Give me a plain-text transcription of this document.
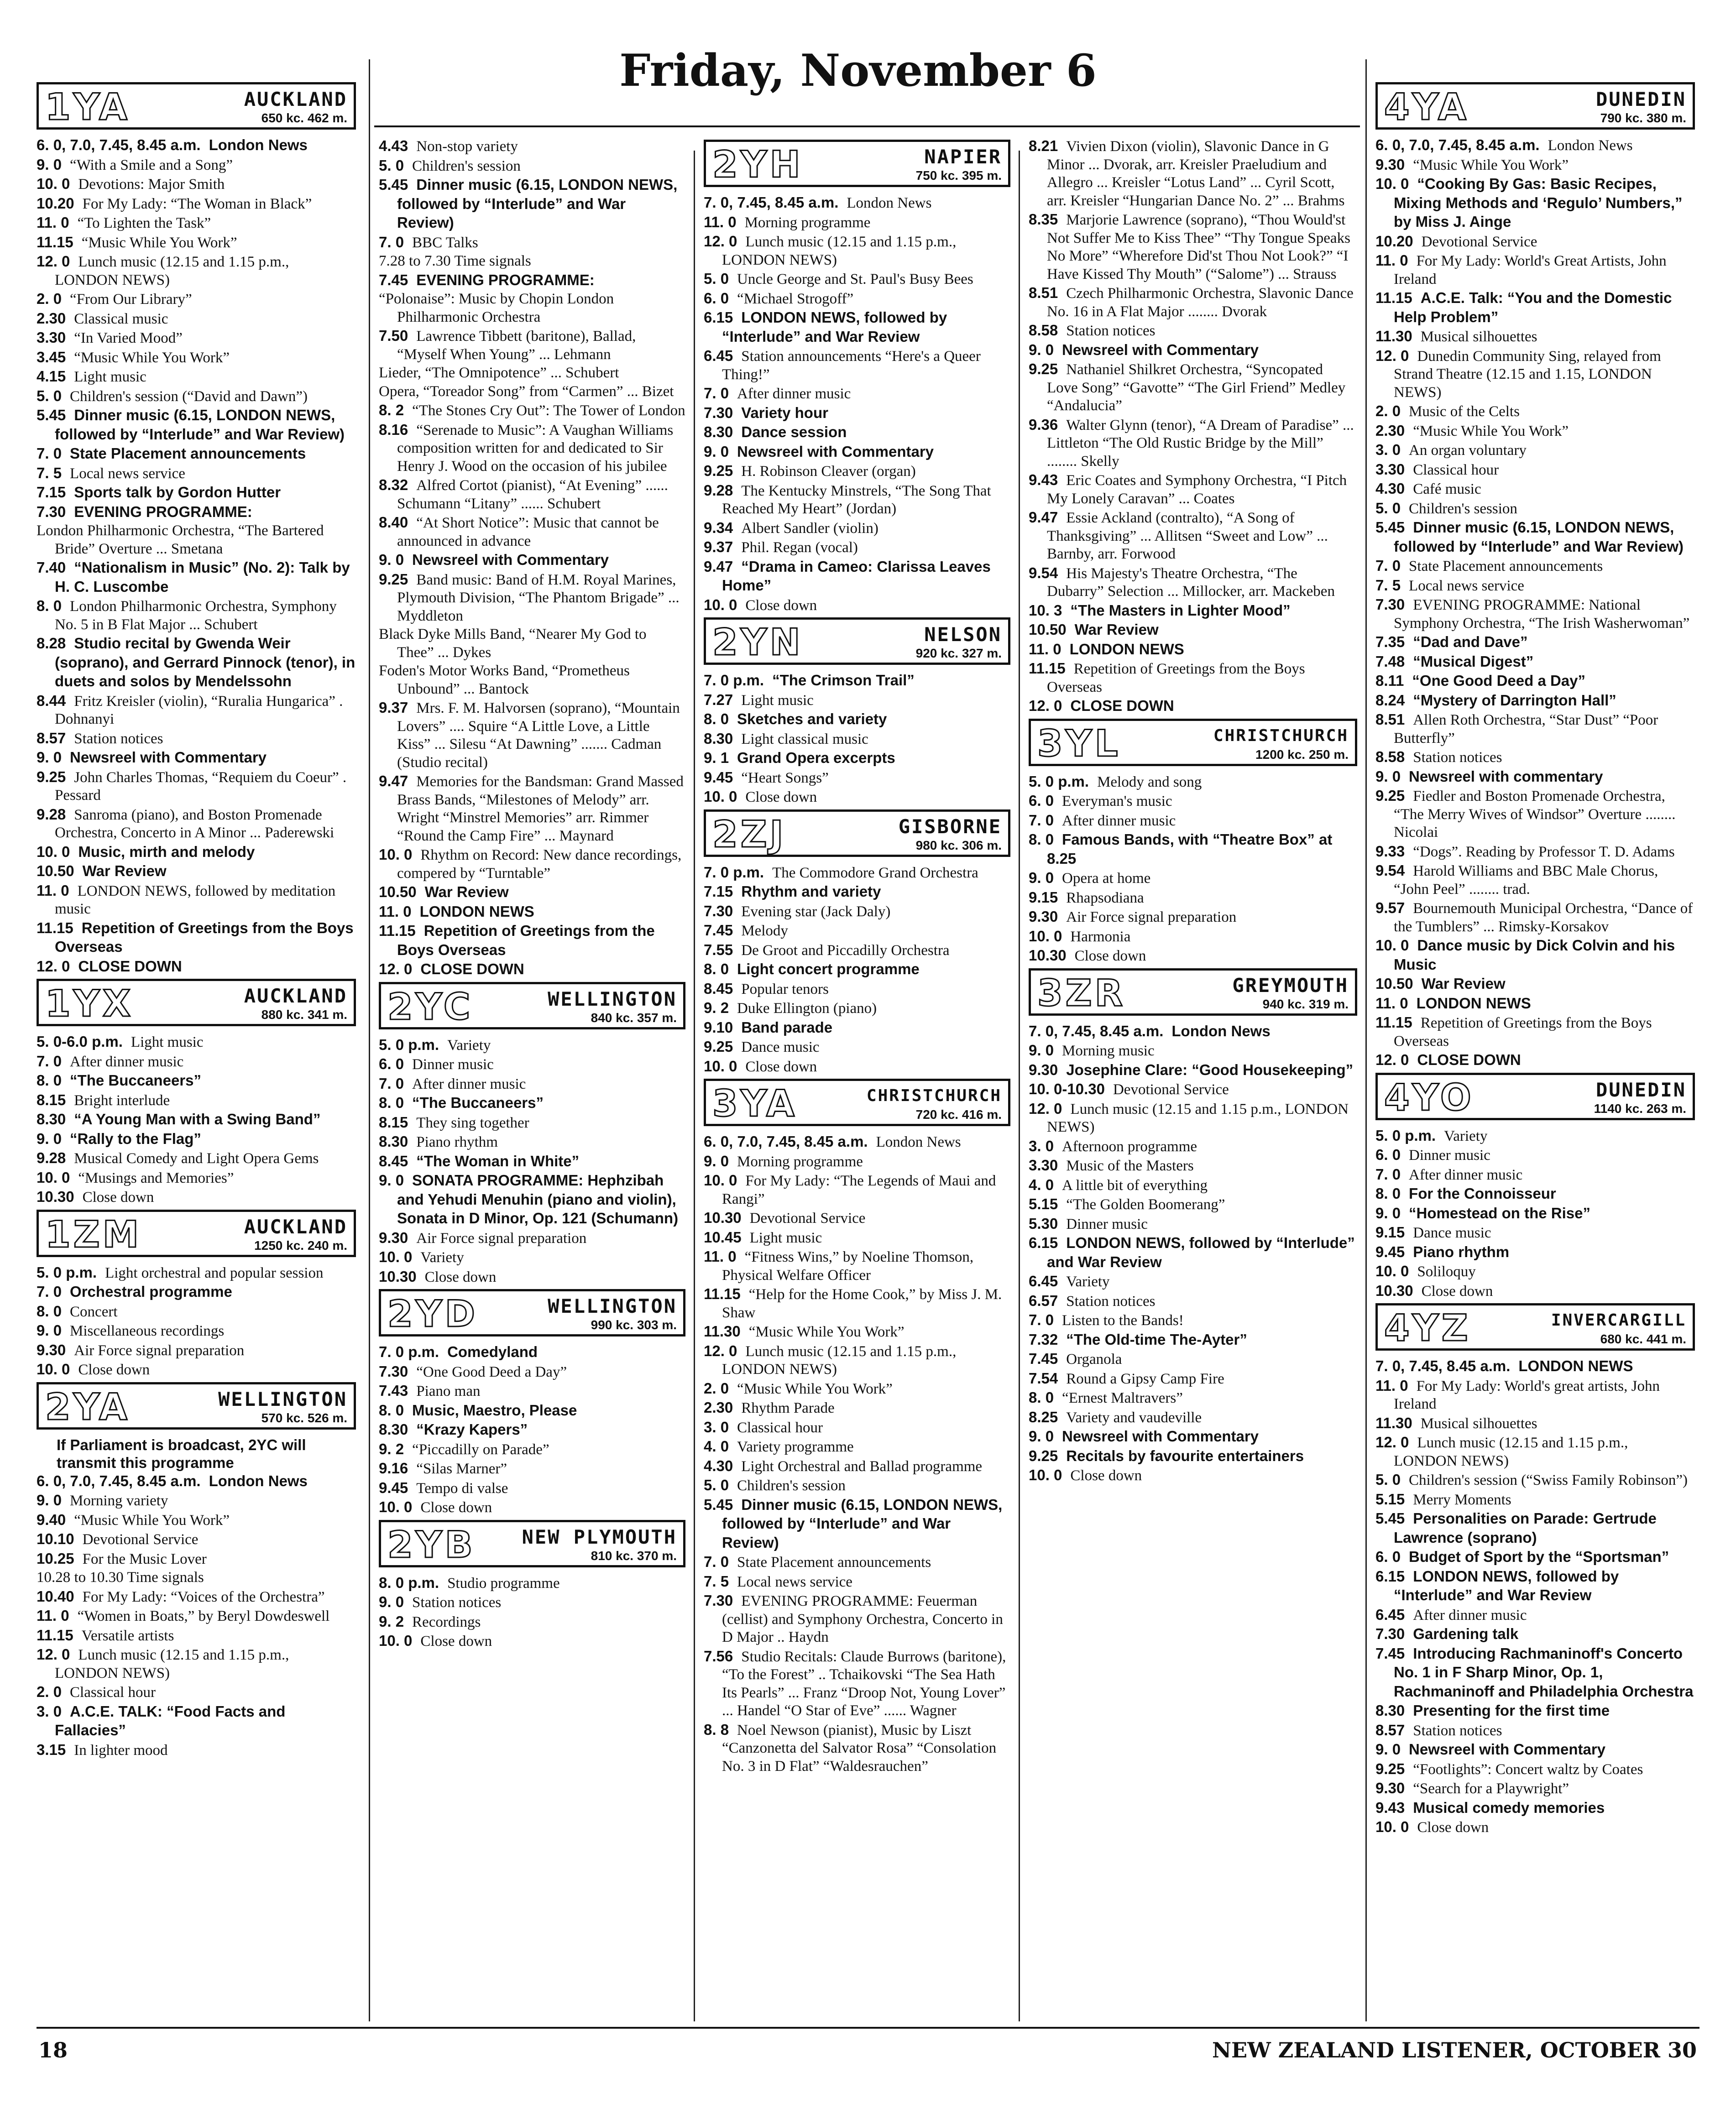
Friday, November 6
1YA	AUCKLAND
650 kc. 462 m.
6. 0, 7.0, 7.45, 8.45 a.m. London News
9. 0 “With a Smile and a Song”
10. 0 Devotions: Major Smith
10.20 For My Lady: “The Woman in Black”
11. 0 “To Lighten the Task”
11.15 “Music While You Work”
12. 0 Lunch music (12.15 and 1.15 p.m., LONDON NEWS)
2. 0 “From Our Library”
2.30 Classical music
3.30 “In Varied Mood”
3.45 “Music While You Work”
4.15 Light music
5. 0 Children's session (“David and Dawn”)
5.45 Dinner music (6.15, LONDON NEWS, followed by “Interlude” and War Review)
7. 0 State Placement announcements
7. 5 Local news service
7.15 Sports talk by Gordon Hutter
7.30 EVENING PROGRAMME:
London Philharmonic Orchestra, “The Bartered Bride” Overture ... Smetana
7.40 “Nationalism in Music” (No. 2): Talk by H. C. Luscombe
8. 0 London Philharmonic Orchestra, Symphony No. 5 in B Flat Major ... Schubert
8.28 Studio recital by Gwenda Weir (soprano), and Gerrard Pinnock (tenor), in duets and solos by Mendelssohn
8.44 Fritz Kreisler (violin), “Ruralia Hungarica” . Dohnanyi
8.57 Station notices
9. 0 Newsreel with Commentary
9.25 John Charles Thomas, “Requiem du Coeur” . Pessard
9.28 Sanroma (piano), and Boston Promenade Orchestra, Concerto in A Minor ... Paderewski
10. 0 Music, mirth and melody
10.50 War Review
11. 0 LONDON NEWS, followed by meditation music
11.15 Repetition of Greetings from the Boys Overseas
12. 0 CLOSE DOWN
1YX	AUCKLAND
880 kc. 341 m.
5. 0-6.0 p.m. Light music
7. 0 After dinner music
8. 0 “The Buccaneers”
8.15 Bright interlude
8.30 “A Young Man with a Swing Band”
9. 0 “Rally to the Flag”
9.28 Musical Comedy and Light Opera Gems
10. 0 “Musings and Memories”
10.30 Close down
1ZM	AUCKLAND
1250 kc. 240 m.
5. 0 p.m. Light orchestral and popular session
7. 0 Orchestral programme
8. 0 Concert
9. 0 Miscellaneous recordings
9.30 Air Force signal preparation
10. 0 Close down
2YA	WELLINGTON
570 kc. 526 m.
If Parliament is broadcast, 2YC will transmit this programme
6. 0, 7.0, 7.45, 8.45 a.m. London News
9. 0 Morning variety
9.40 “Music While You Work”
10.10 Devotional Service
10.25 For the Music Lover
10.28 to 10.30 Time signals
10.40 For My Lady: “Voices of the Orchestra”
11. 0 “Women in Boats,” by Beryl Dowdeswell
11.15 Versatile artists
12. 0 Lunch music (12.15 and 1.15 p.m., LONDON NEWS)
2. 0 Classical hour
3. 0 A.C.E. TALK: “Food Facts and Fallacies”
3.15 In lighter mood
4.43 Non-stop variety
5. 0 Children's session
5.45 Dinner music (6.15, LONDON NEWS, followed by “Interlude” and War Review)
7. 0 BBC Talks
7.28 to 7.30 Time signals
7.45 EVENING PROGRAMME:
“Polonaise”: Music by Chopin London Philharmonic Orchestra
7.50 Lawrence Tibbett (baritone), Ballad, “Myself When Young” ... Lehmann
Lieder, “The Omnipotence” ... Schubert
Opera, “Toreador Song” from “Carmen” ... Bizet
8. 2 “The Stones Cry Out”: The Tower of London
8.16 “Serenade to Music”: A Vaughan Williams composition written for and dedicated to Sir Henry J. Wood on the occasion of his jubilee
8.32 Alfred Cortot (pianist), “At Evening” ...... Schumann “Litany” ...... Schubert
8.40 “At Short Notice”: Music that cannot be announced in advance
9. 0 Newsreel with Commentary
9.25 Band music: Band of H.M. Royal Marines, Plymouth Division, “The Phantom Brigade” ... Myddleton
Black Dyke Mills Band, “Nearer My God to Thee” ... Dykes
Foden's Motor Works Band, “Prometheus Unbound” ... Bantock
9.37 Mrs. F. M. Halvorsen (soprano), “Mountain Lovers” .... Squire “A Little Love, a Little Kiss” ... Silesu “At Dawning” ....... Cadman (Studio recital)
9.47 Memories for the Bandsman: Grand Massed Brass Bands, “Milestones of Melody” arr. Wright “Minstrel Memories” arr. Rimmer “Round the Camp Fire” ... Maynard
10. 0 Rhythm on Record: New dance recordings, compered by “Turntable”
10.50 War Review
11. 0 LONDON NEWS
11.15 Repetition of Greetings from the Boys Overseas
12. 0 CLOSE DOWN
2YC	WELLINGTON
840 kc. 357 m.
5. 0 p.m. Variety
6. 0 Dinner music
7. 0 After dinner music
8. 0 “The Buccaneers”
8.15 They sing together
8.30 Piano rhythm
8.45 “The Woman in White”
9. 0 SONATA PROGRAMME: Hephzibah and Yehudi Menuhin (piano and violin), Sonata in D Minor, Op. 121 (Schumann)
9.30 Air Force signal preparation
10. 0 Variety
10.30 Close down
2YD	WELLINGTON
990 kc. 303 m.
7. 0 p.m. Comedyland
7.30 “One Good Deed a Day”
7.43 Piano man
8. 0 Music, Maestro, Please
8.30 “Krazy Kapers”
9. 2 “Piccadilly on Parade”
9.16 “Silas Marner”
9.45 Tempo di valse
10. 0 Close down
2YB NEW PLYMOUTH
810 kc. 370 m.
8. 0 p.m. Studio programme
9. 0 Station notices
9. 2 Recordings
10. 0 Close down
2YH	NAPIER
750 kc. 395 m.
7. 0, 7.45, 8.45 a.m. London News
11. 0 Morning programme
12. 0 Lunch music (12.15 and 1.15 p.m., LONDON NEWS)
5. 0 Uncle George and St. Paul's Busy Bees
6. 0 “Michael Strogoff”
6.15 LONDON NEWS, followed by “Interlude” and War Review
6.45 Station announcements “Here's a Queer Thing!”
7. 0 After dinner music
7.30 Variety hour
8.30 Dance session
9. 0 Newsreel with Commentary
9.25 H. Robinson Cleaver (organ)
9.28 The Kentucky Minstrels, “The Song That Reached My Heart” (Jordan)
9.34 Albert Sandler (violin)
9.37 Phil. Regan (vocal)
9.47 “Drama in Cameo: Clarissa Leaves Home”
10. 0 Close down
2YN	NELSON
920 kc. 327 m.
7. 0 p.m. “The Crimson Trail”
7.27 Light music
8. 0 Sketches and variety
8.30 Light classical music
9. 1 Grand Opera excerpts
9.45 “Heart Songs”
10. 0 Close down
2ZJ	GISBORNE
980 kc. 306 m.
7. 0 p.m. The Commodore Grand Orchestra
7.15 Rhythm and variety
7.30 Evening star (Jack Daly)
7.45 Melody
7.55 De Groot and Piccadilly Orchestra
8. 0 Light concert programme
8.45 Popular tenors
9. 2 Duke Ellington (piano)
9.10 Band parade
9.25 Dance music
10. 0 Close down
3YA	CHRISTCHURCH
720 kc. 416 m.
6. 0, 7.0, 7.45, 8.45 a.m. London News
9. 0 Morning programme
10. 0 For My Lady: “The Legends of Maui and Rangi”
10.30 Devotional Service
10.45 Light music
11. 0 “Fitness Wins,” by Noeline Thomson, Physical Welfare Officer
11.15 “Help for the Home Cook,” by Miss J. M. Shaw
11.30 “Music While You Work”
12. 0 Lunch music (12.15 and 1.15 p.m., LONDON NEWS)
2. 0 “Music While You Work”
2.30 Rhythm Parade
3. 0 Classical hour
4. 0 Variety programme
4.30 Light Orchestral and Ballad programme
5. 0 Children's session
5.45 Dinner music (6.15, LONDON NEWS, followed by “Interlude” and War Review)
7. 0 State Placement announcements
7. 5 Local news service
7.30 EVENING PROGRAMME: Feuerman (cellist) and Symphony Orchestra, Concerto in D Major .. Haydn
7.56 Studio Recitals: Claude Burrows (baritone), “To the Forest” .. Tchaikovski “The Sea Hath Its Pearls” ... Franz “Droop Not, Young Lover” ... Handel “O Star of Eve” ...... Wagner
8. 8 Noel Newson (pianist), Music by Liszt “Canzonetta del Salvator Rosa” “Consolation No. 3 in D Flat” “Waldesrauchen”
8.21 Vivien Dixon (violin), Slavonic Dance in G Minor ... Dvorak, arr. Kreisler Praeludium and Allegro ... Kreisler “Lotus Land” ... Cyril Scott, arr. Kreisler “Hungarian Dance No. 2” ... Brahms
8.35 Marjorie Lawrence (soprano), “Thou Would'st Not Suffer Me to Kiss Thee” “Thy Tongue Speaks No More” “Wherefore Did'st Thou Not Look?” “I Have Kissed Thy Mouth” (“Salome”) ... Strauss
8.51 Czech Philharmonic Orchestra, Slavonic Dance No. 16 in A Flat Major ........ Dvorak
8.58 Station notices
9. 0 Newsreel with Commentary
9.25 Nathaniel Shilkret Orchestra, “Syncopated Love Song” “Gavotte” “The Girl Friend” Medley “Andalucia”
9.36 Walter Glynn (tenor), “A Dream of Paradise” ... Littleton “The Old Rustic Bridge by the Mill” ........ Skelly
9.43 Eric Coates and Symphony Orchestra, “I Pitch My Lonely Caravan” ... Coates
9.47 Essie Ackland (contralto), “A Song of Thanksgiving” ... Allitsen “Sweet and Low” ... Barnby, arr. Forwood
9.54 His Majesty's Theatre Orchestra, “The Dubarry” Selection ... Millocker, arr. Mackeben
10. 3 “The Masters in Lighter Mood”
10.50 War Review
11. 0 LONDON NEWS
11.15 Repetition of Greetings from the Boys Overseas
12. 0 CLOSE DOWN
3YL	CHRISTCHURCH
1200 kc. 250 m.
5. 0 p.m. Melody and song
6. 0 Everyman's music
7. 0 After dinner music
8. 0 Famous Bands, with “Theatre Box” at 8.25
9. 0 Opera at home
9.15 Rhapsodiana
9.30 Air Force signal preparation
10. 0 Harmonia
10.30 Close down
3ZR	GREYMOUTH
940 kc. 319 m.
7. 0, 7.45, 8.45 a.m. London News
9. 0 Morning music
9.30 Josephine Clare: “Good Housekeeping”
10. 0-10.30 Devotional Service
12. 0 Lunch music (12.15 and 1.15 p.m., LONDON NEWS)
3. 0 Afternoon programme
3.30 Music of the Masters
4. 0 A little bit of everything
5.15 “The Golden Boomerang”
5.30 Dinner music
6.15 LONDON NEWS, followed by “Interlude” and War Review
6.45 Variety
6.57 Station notices
7. 0 Listen to the Bands!
7.32 “The Old-time The-Ayter”
7.45 Organola
7.54 Round a Gipsy Camp Fire
8. 0 “Ernest Maltravers”
8.25 Variety and vaudeville
9. 0 Newsreel with Commentary
9.25 Recitals by favourite entertainers
10. 0 Close down
4YA	DUNEDIN
790 kc. 380 m.
6. 0, 7.0, 7.45, 8.45 a.m. London News
9.30 “Music While You Work”
10. 0 “Cooking By Gas: Basic Recipes, Mixing Methods and ‘Regulo’ Numbers,” by Miss J. Ainge
10.20 Devotional Service
11. 0 For My Lady: World's Great Artists, John Ireland
11.15 A.C.E. Talk: “You and the Domestic Help Problem”
11.30 Musical silhouettes
12. 0 Dunedin Community Sing, relayed from Strand Theatre (12.15 and 1.15, LONDON NEWS)
2. 0 Music of the Celts
2.30 “Music While You Work”
3. 0 An organ voluntary
3.30 Classical hour
4.30 Café music
5. 0 Children's session
5.45 Dinner music (6.15, LONDON NEWS, followed by “Interlude” and War Review)
7. 0 State Placement announcements
7. 5 Local news service
7.30 EVENING PROGRAMME: National Symphony Orchestra, “The Irish Washerwoman”
7.35 “Dad and Dave”
7.48 “Musical Digest”
8.11 “One Good Deed a Day”
8.24 “Mystery of Darrington Hall”
8.51 Allen Roth Orchestra, “Star Dust” “Poor Butterfly”
8.58 Station notices
9. 0 Newsreel with commentary
9.25 Fiedler and Boston Promenade Orchestra, “The Merry Wives of Windsor” Overture ........ Nicolai
9.33 “Dogs”. Reading by Professor T. D. Adams
9.54 Harold Williams and BBC Male Chorus, “John Peel” ........ trad.
9.57 Bournemouth Municipal Orchestra, “Dance of the Tumblers” ... Rimsky-Korsakov
10. 0 Dance music by Dick Colvin and his Music
10.50 War Review
11. 0 LONDON NEWS
11.15 Repetition of Greetings from the Boys Overseas
12. 0 CLOSE DOWN
4YO	DUNEDIN
1140 kc. 263 m.
5. 0 p.m. Variety
6. 0 Dinner music
7. 0 After dinner music
8. 0 For the Connoisseur
9. 0 “Homestead on the Rise”
9.15 Dance music
9.45 Piano rhythm
10. 0 Soliloquy
10.30 Close down
4YZ	INVERCARGILL
680 kc. 441 m.
7. 0, 7.45, 8.45 a.m. LONDON NEWS
11. 0 For My Lady: World's great artists, John Ireland
11.30 Musical silhouettes
12. 0 Lunch music (12.15 and 1.15 p.m., LONDON NEWS)
5. 0 Children's session (“Swiss Family Robinson”)
5.15 Merry Moments
5.45 Personalities on Parade: Gertrude Lawrence (soprano)
6. 0 Budget of Sport by the “Sportsman”
6.15 LONDON NEWS, followed by “Interlude” and War Review
6.45 After dinner music
7.30 Gardening talk
7.45 Introducing Rachmaninoff's Concerto No. 1 in F Sharp Minor, Op. 1, Rachmaninoff and Philadelphia Orchestra
8.30 Presenting for the first time
8.57 Station notices
9. 0 Newsreel with Commentary
9.25 “Footlights”: Concert waltz by Coates
9.30 “Search for a Playwright”
9.43 Musical comedy memories
10. 0 Close down

18	NEW ZEALAND LISTENER, OCTOBER 30
